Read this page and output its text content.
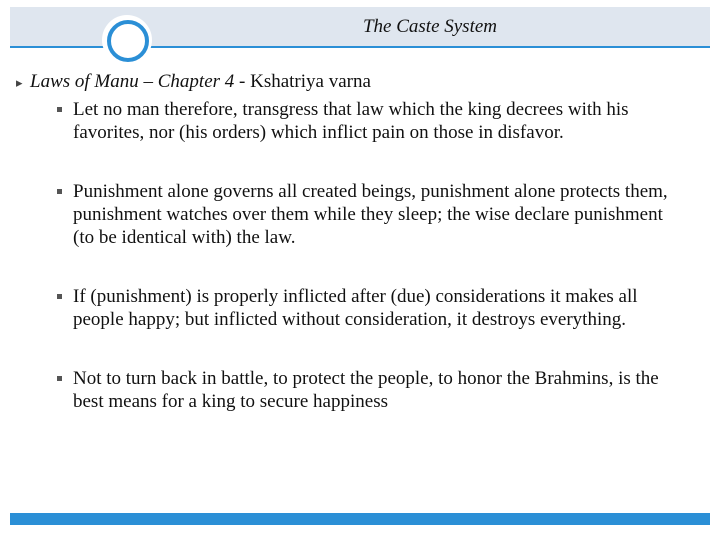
The Caste System
▸ Laws of Manu – Chapter 4 - Kshatriya varna
Let no man therefore, transgress that law which the king decrees with his favorites, nor (his orders) which inflict pain on those in disfavor.
Punishment alone governs all created beings, punishment alone protects them, punishment watches over them while they sleep; the wise declare punishment (to be identical with) the law.
If (punishment) is properly inflicted after (due) considerations it makes all people happy; but inflicted without consideration, it destroys everything.
Not to turn back in battle, to protect the people, to honor the Brahmins, is the best means for a king to secure happiness
